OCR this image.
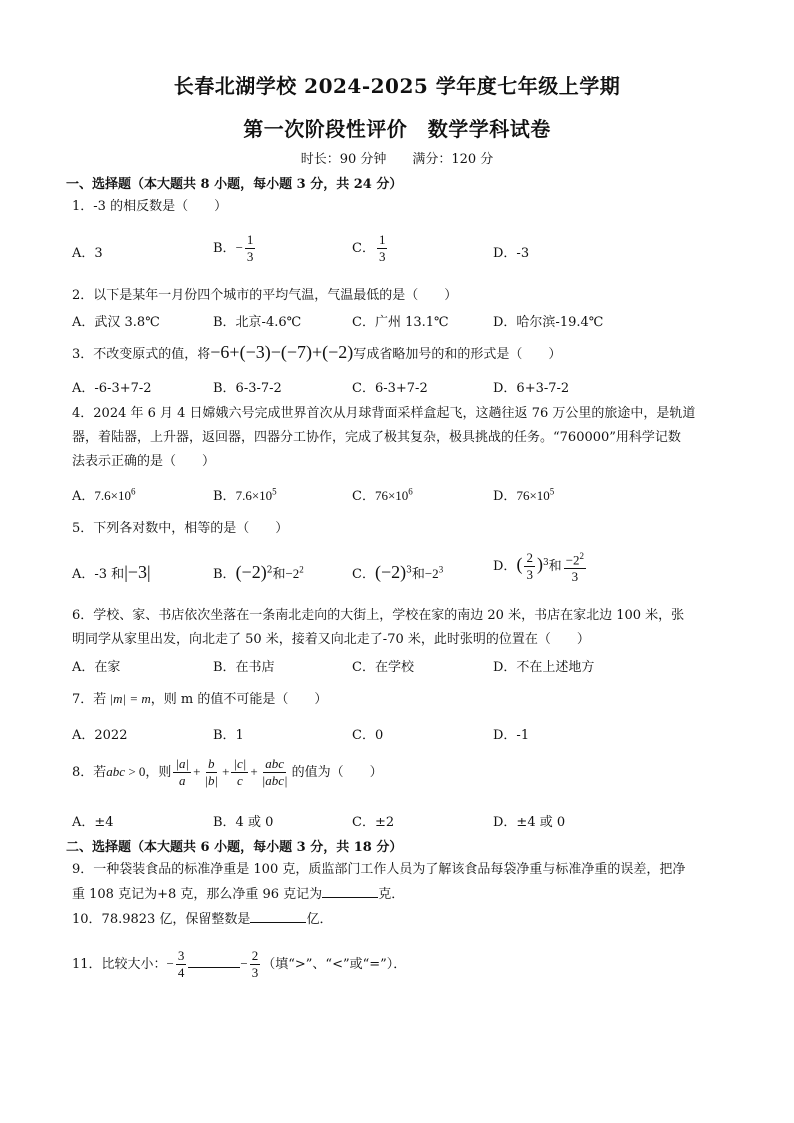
长春北湖学校 2024-2025 学年度七年级上学期
第一次阶段性评价　数学学科试卷
时长：90 分钟　　满分：120 分
一、选择题（本大题共 8 小题，每小题 3 分，共 24 分）
1．-3 的相反数是（　　）
A．3	B．− $\frac{1}{3}$	C． $\frac{1}{3}$	D．-3
2．以下是某年一月份四个城市的平均气温，气温最低的是（　　）
A．武汉 3.8℃	B．北京-4.6℃	C．广州 13.1℃	D．哈尔滨-19.4℃
3．不改变原式的值，将−6+(−3)−(−7)+(−2)写成省略加号的和的形式是（　　）
A．-6-3+7-2	B．6-3-7-2	C．6-3+7-2	D．6+3-7-2
4．2024 年 6 月 4 日嫦娥六号完成世界首次从月球背面采样盒起飞，这趟往返 76 万公里的旅途中，是轨道
器，着陆器，上升器，返回器，四器分工协作，完成了极其复杂，极具挑战的任务。“760000”用科学记数
法表示正确的是（　　）
A．$7.6\times 10^6$	B．$7.6\times 10^5$	C．$76\times 10^6$	D．$76\times 10^5$
5．下列各对数中，相等的是（　　）
A．-3 和|−3|	B．$(-2)^2$和$-2^2$	C．$(-2)^3$和$-2^3$	D．( $\frac{2}{3} )^3$和 $\frac{-2^2}{3}$
6．学校、家、书店依次坐落在一条南北走向的大街上，学校在家的南边 20 米，书店在家北边 100 米，张
明同学从家里出发，向北走了 50 米，接着又向北走了-70 米，此时张明的位置在（　　）
A．在家	B．在书店	C．在学校	D．不在上述地方
7．若 |m| = m，则 m 的值不可能是（　　）
A．2022	B．1	C．0	D．-1
8．若abc > 0，则 $\frac{|a|}{a} + \frac{b}{|b|} + \frac{|c|}{c} + \frac{\text{abc}}{\text{|abc|}}$ 的值为（　　）
A．±4	B．4 或 0	C．±2	D．±4 或 0
二、选择题（本大题共 6 小题，每小题 3 分，共 18 分）
9．一种袋装食品的标准净重是 100 克，质监部门工作人员为了解该食品每袋净重与标准净重的误差，把净
重 108 克记为+8 克，那么净重 96 克记为	克．
10．78.9823 亿，保留整数是	亿．
11．比较大小：− $\frac{3}{4}$	− $\frac{2}{3}$ （填“>”、“<”或“=”）．
